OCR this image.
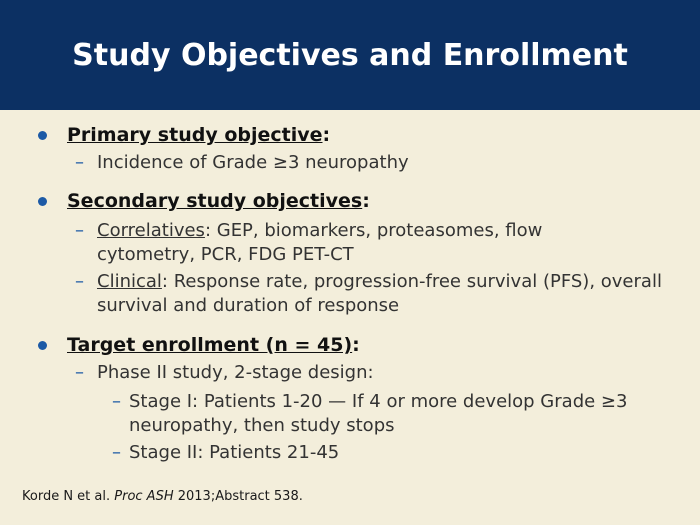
Study Objectives and Enrollment
Primary study objective:
– Incidence of Grade ≥3 neuropathy
Secondary study objectives:
– Correlatives: GEP, biomarkers, proteasomes, flow cytometry, PCR, FDG PET-CT
– Clinical: Response rate, progression-free survival (PFS), overall survival and duration of response
Target enrollment (n = 45):
– Phase II study, 2-stage design:
– Stage I: Patients 1-20 — If 4 or more develop Grade ≥3 neuropathy, then study stops
– Stage II: Patients 21-45
Korde N et al. Proc ASH 2013;Abstract 538.
